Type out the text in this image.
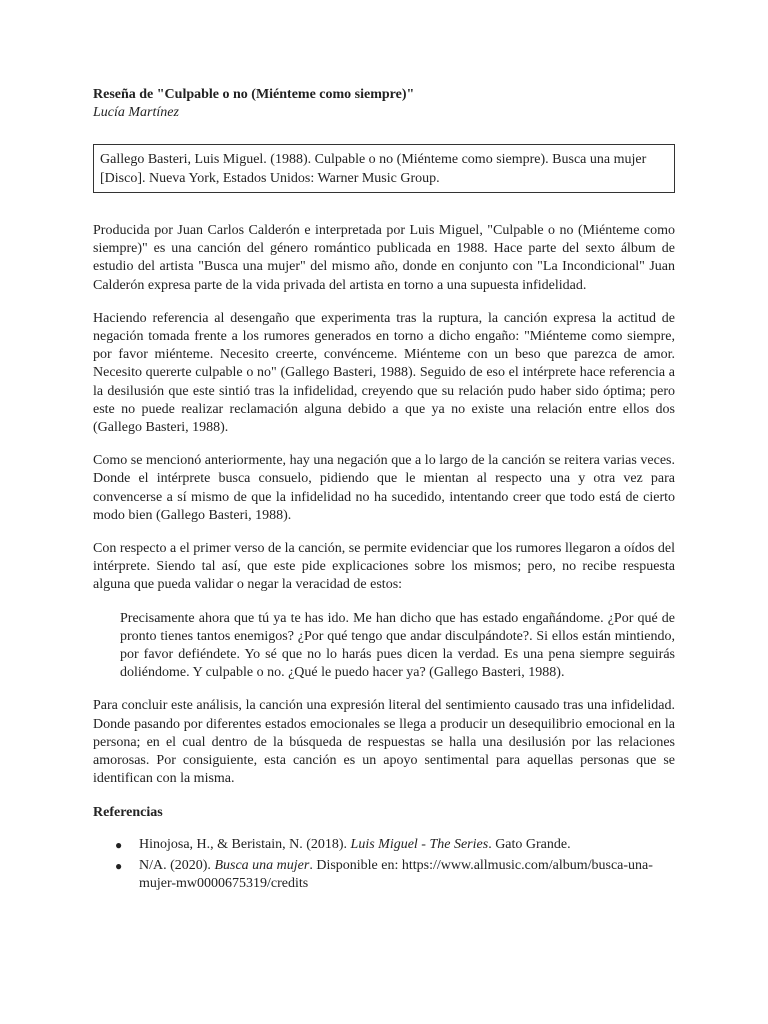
Reseña de "Culpable o no (Miénteme como siempre)"

Lucía Martínez

Gallego Basteri, Luis Miguel. (1988). Culpable o no (Miénteme como siempre). Busca una mujer [Disco]. Nueva York, Estados Unidos: Warner Music Group.

Producida por Juan Carlos Calderón e interpretada por Luis Miguel, "Culpable o no (Miénteme como siempre)" es una canción del género romántico publicada en 1988. Hace parte del sexto álbum de estudio del artista "Busca una mujer" del mismo año, donde en conjunto con "La Incondicional" Juan Calderón expresa parte de la vida privada del artista en torno a una supuesta infidelidad.

Haciendo referencia al desengaño que experimenta tras la ruptura, la canción expresa la actitud de negación tomada frente a los rumores generados en torno a dicho engaño: "Miénteme como siempre, por favor miénteme. Necesito creerte, convénceme. Miénteme con un beso que parezca de amor. Necesito quererte culpable o no" (Gallego Basteri, 1988). Seguido de eso el intérprete hace referencia a la desilusión que este sintió tras la infidelidad, creyendo que su relación pudo haber sido óptima; pero este no puede realizar reclamación alguna debido a que ya no existe una relación entre ellos dos (Gallego Basteri, 1988).

Como se mencionó anteriormente, hay una negación que a lo largo de la canción se reitera varias veces. Donde el intérprete busca consuelo, pidiendo que le mientan al respecto una y otra vez para convencerse a sí mismo de que la infidelidad no ha sucedido, intentando creer que todo está de cierto modo bien (Gallego Basteri, 1988).

Con respecto a el primer verso de la canción, se permite evidenciar que los rumores llegaron a oídos del intérprete. Siendo tal así, que este pide explicaciones sobre los mismos; pero, no recibe respuesta alguna que pueda validar o negar la veracidad de estos:

Precisamente ahora que tú ya te has ido. Me han dicho que has estado engañándome. ¿Por qué de pronto tienes tantos enemigos? ¿Por qué tengo que andar disculpándote?. Si ellos están mintiendo, por favor defiéndete. Yo sé que no lo harás pues dicen la verdad. Es una pena siempre seguirás doliéndome. Y culpable o no. ¿Qué le puedo hacer ya? (Gallego Basteri, 1988).

Para concluir este análisis, la canción una expresión literal del sentimiento causado tras una infidelidad. Donde pasando por diferentes estados emocionales se llega a producir un desequilibrio emocional en la persona; en el cual dentro de la búsqueda de respuestas se halla una desilusión por las relaciones amorosas. Por consiguiente, esta canción es un apoyo sentimental para aquellas personas que se identifican con la misma.

Referencias

● Hinojosa, H., & Beristain, N. (2018). Luis Miguel - The Series. Gato Grande.
● N/A. (2020). Busca una mujer. Disponible en: https://www.allmusic.com/album/busca-una-mujer-mw0000675319/credits
